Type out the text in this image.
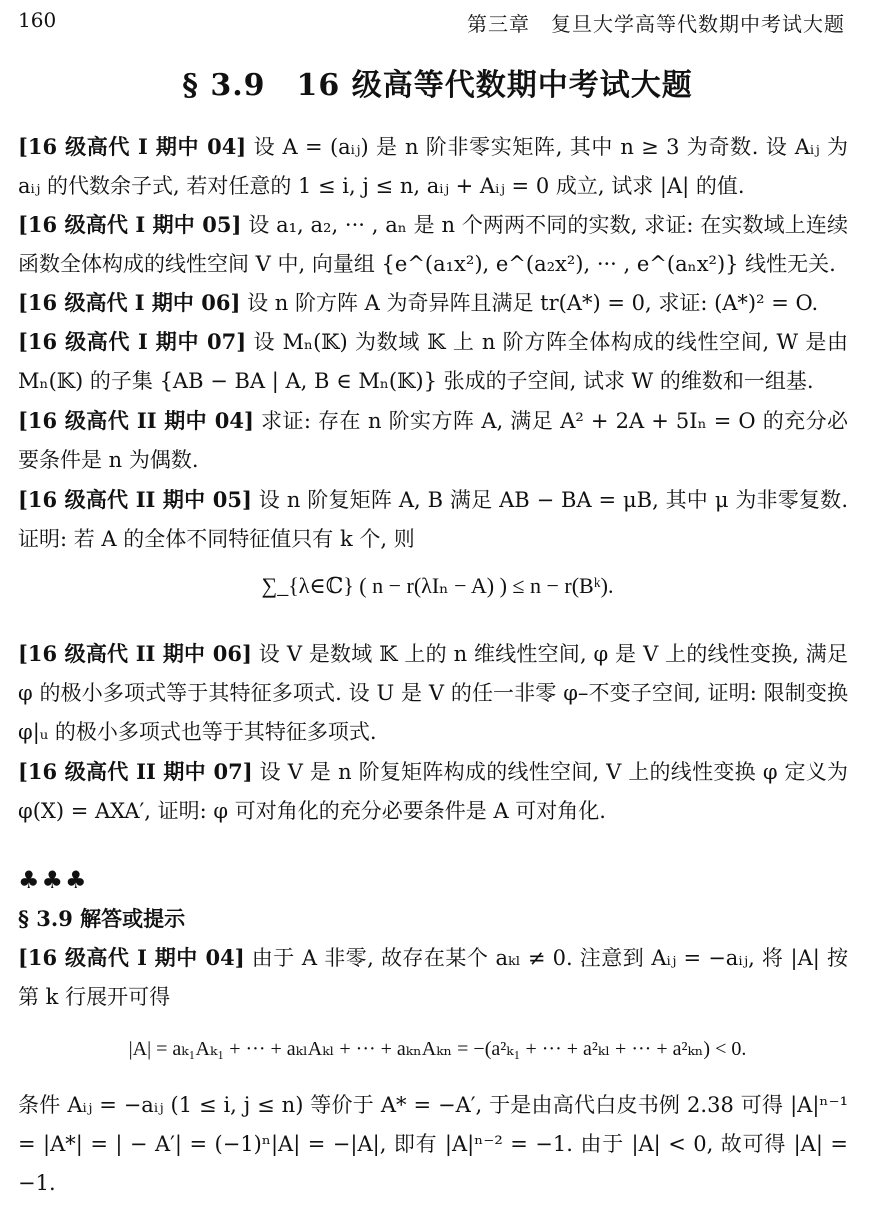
160	第三章　复旦大学高等代数期中考试大题
§ 3.9　16 级高等代数期中考试大题

[16 级高代 I 期中 04] 设 A = (aᵢⱼ) 是 n 阶非零实矩阵, 其中 n ≥ 3 为奇数. 设 Aᵢⱼ 为 aᵢⱼ 的代数余子式, 若对任意的 1 ≤ i, j ≤ n, aᵢⱼ + Aᵢⱼ = 0 成立, 试求 |A| 的值.

[16 级高代 I 期中 05] 设 a₁, a₂, ··· , aₙ 是 n 个两两不同的实数, 求证: 在实数域上连续函数全体构成的线性空间 V 中, 向量组 {e^(a₁x²), e^(a₂x²), ··· , e^(aₙx²)} 线性无关.

[16 级高代 I 期中 06] 设 n 阶方阵 A 为奇异阵且满足 tr(A*) = 0, 求证: (A*)² = O.

[16 级高代 I 期中 07] 设 Mₙ(𝕂) 为数域 𝕂 上 n 阶方阵全体构成的线性空间, W 是由 Mₙ(𝕂) 的子集 {AB − BA | A, B ∈ Mₙ(𝕂)} 张成的子空间, 试求 W 的维数和一组基.

[16 级高代 II 期中 04] 求证: 存在 n 阶实方阵 A, 满足 A² + 2A + 5Iₙ = O 的充分必要条件是 n 为偶数.

[16 级高代 II 期中 05] 设 n 阶复矩阵 A, B 满足 AB − BA = μB, 其中 μ 为非零复数. 证明: 若 A 的全体不同特征值只有 k 个, 则

∑_{λ∈ℂ} ( n − r(λIₙ − A) ) ≤ n − r(Bᵏ).

[16 级高代 II 期中 06] 设 V 是数域 𝕂 上的 n 维线性空间, φ 是 V 上的线性变换, 满足 φ 的极小多项式等于其特征多项式. 设 U 是 V 的任一非零 φ–不变子空间, 证明: 限制变换 φ|ᵤ 的极小多项式也等于其特征多项式.

[16 级高代 II 期中 07] 设 V 是 n 阶复矩阵构成的线性空间, V 上的线性变换 φ 定义为 φ(X) = AXA′, 证明: φ 可对角化的充分必要条件是 A 可对角化.

♣♣♣
§ 3.9 解答或提示

[16 级高代 I 期中 04] 由于 A 非零, 故存在某个 aₖₗ ≠ 0. 注意到 Aᵢⱼ = −aᵢⱼ, 将 |A| 按第 k 行展开可得

|A| = aₖ₁Aₖ₁ + ··· + aₖₗAₖₗ + ··· + aₖₙAₖₙ = −(a²ₖ₁ + ··· + a²ₖₗ + ··· + a²ₖₙ) < 0.

条件 Aᵢⱼ = −aᵢⱼ (1 ≤ i, j ≤ n) 等价于 A* = −A′, 于是由高代白皮书例 2.38 可得 |A|ⁿ⁻¹ = |A*| = | − A′| = (−1)ⁿ|A| = −|A|, 即有 |A|ⁿ⁻² = −1. 由于 |A| < 0, 故可得 |A| = −1.
